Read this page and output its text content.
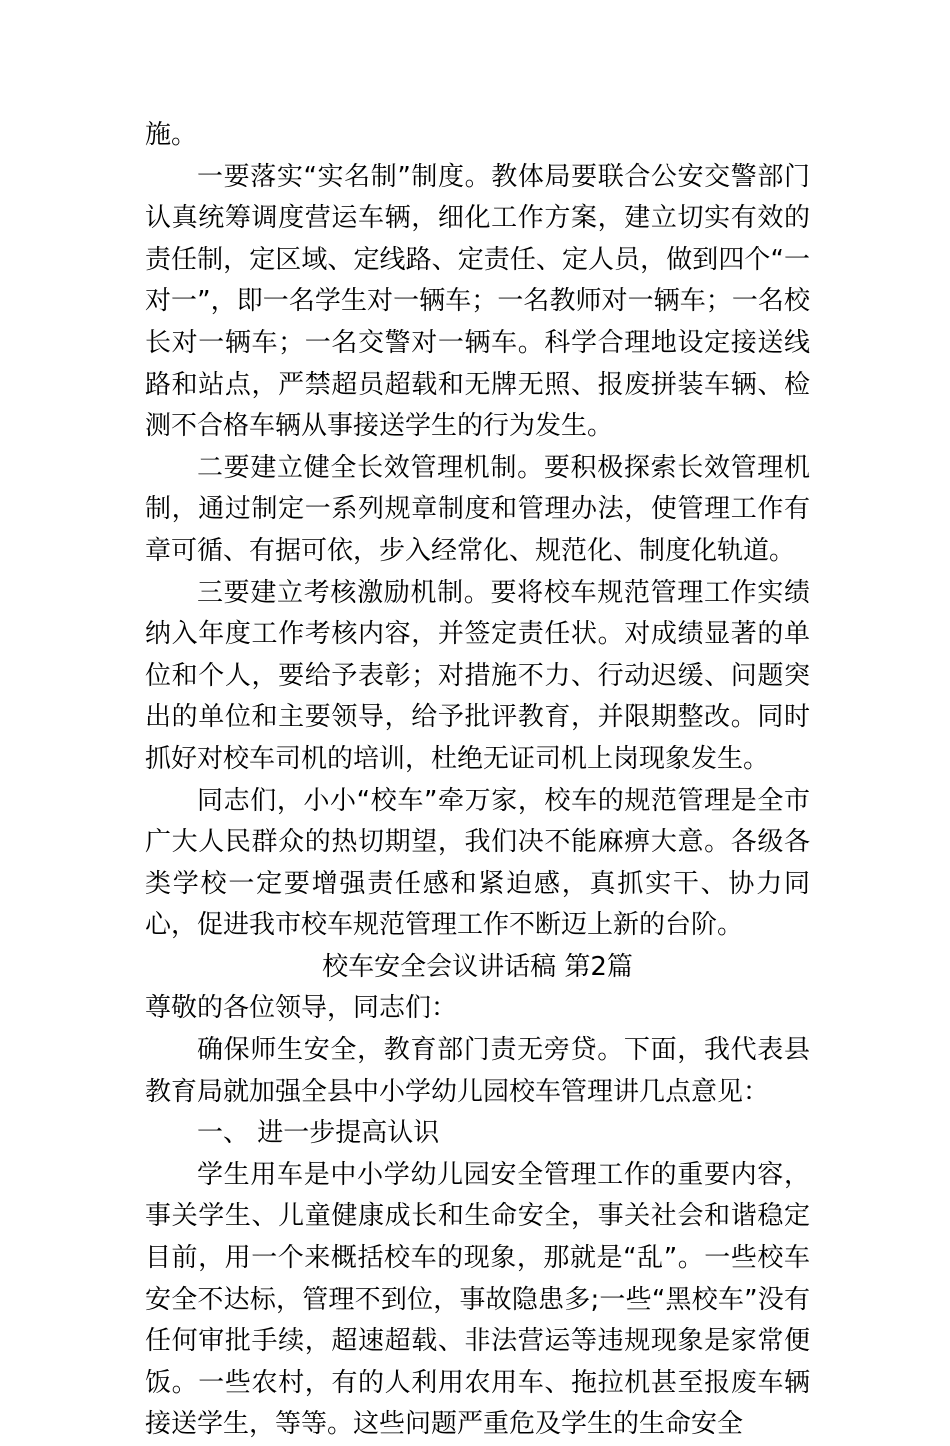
施。

一要落实“实名制”制度。教体局要联合公安交警部门认真统筹调度营运车辆，细化工作方案，建立切实有效的责任制，定区域、定线路、定责任、定人员，做到四个“一对一”，即一名学生对一辆车；一名教师对一辆车；一名校长对一辆车；一名交警对一辆车。科学合理地设定接送线路和站点，严禁超员超载和无牌无照、报废拼装车辆、检测不合格车辆从事接送学生的行为发生。

二要建立健全长效管理机制。要积极探索长效管理机制，通过制定一系列规章制度和管理办法，使管理工作有章可循、有据可依，步入经常化、规范化、制度化轨道。

三要建立考核激励机制。要将校车规范管理工作实绩纳入年度工作考核内容，并签定责任状。对成绩显著的单位和个人，要给予表彰；对措施不力、行动迟缓、问题突出的单位和主要领导，给予批评教育，并限期整改。同时抓好对校车司机的培训，杜绝无证司机上岗现象发生。

同志们，小小“校车”牵万家，校车的规范管理是全市广大人民群众的热切期望，我们决不能麻痹大意。各级各类学校一定要增强责任感和紧迫感，真抓实干、协力同心，促进我市校车规范管理工作不断迈上新的台阶。

校车安全会议讲话稿 第2篇

尊敬的各位领导，同志们：

确保师生安全，教育部门责无旁贷。下面，我代表县教育局就加强全县中小学幼儿园校车管理讲几点意见：

一、 进一步提高认识

学生用车是中小学幼儿园安全管理工作的重要内容，事关学生、儿童健康成长和生命安全，事关社会和谐稳定目前，用一个来概括校车的现象，那就是“乱”。一些校车安全不达标，管理不到位，事故隐患多;一些“黑校车”没有任何审批手续，超速超载、非法营运等违规现象是家常便饭。一些农村，有的人利用农用车、拖拉机甚至报废车辆接送学生，等等。这些问题严重危及学生的生命安全
